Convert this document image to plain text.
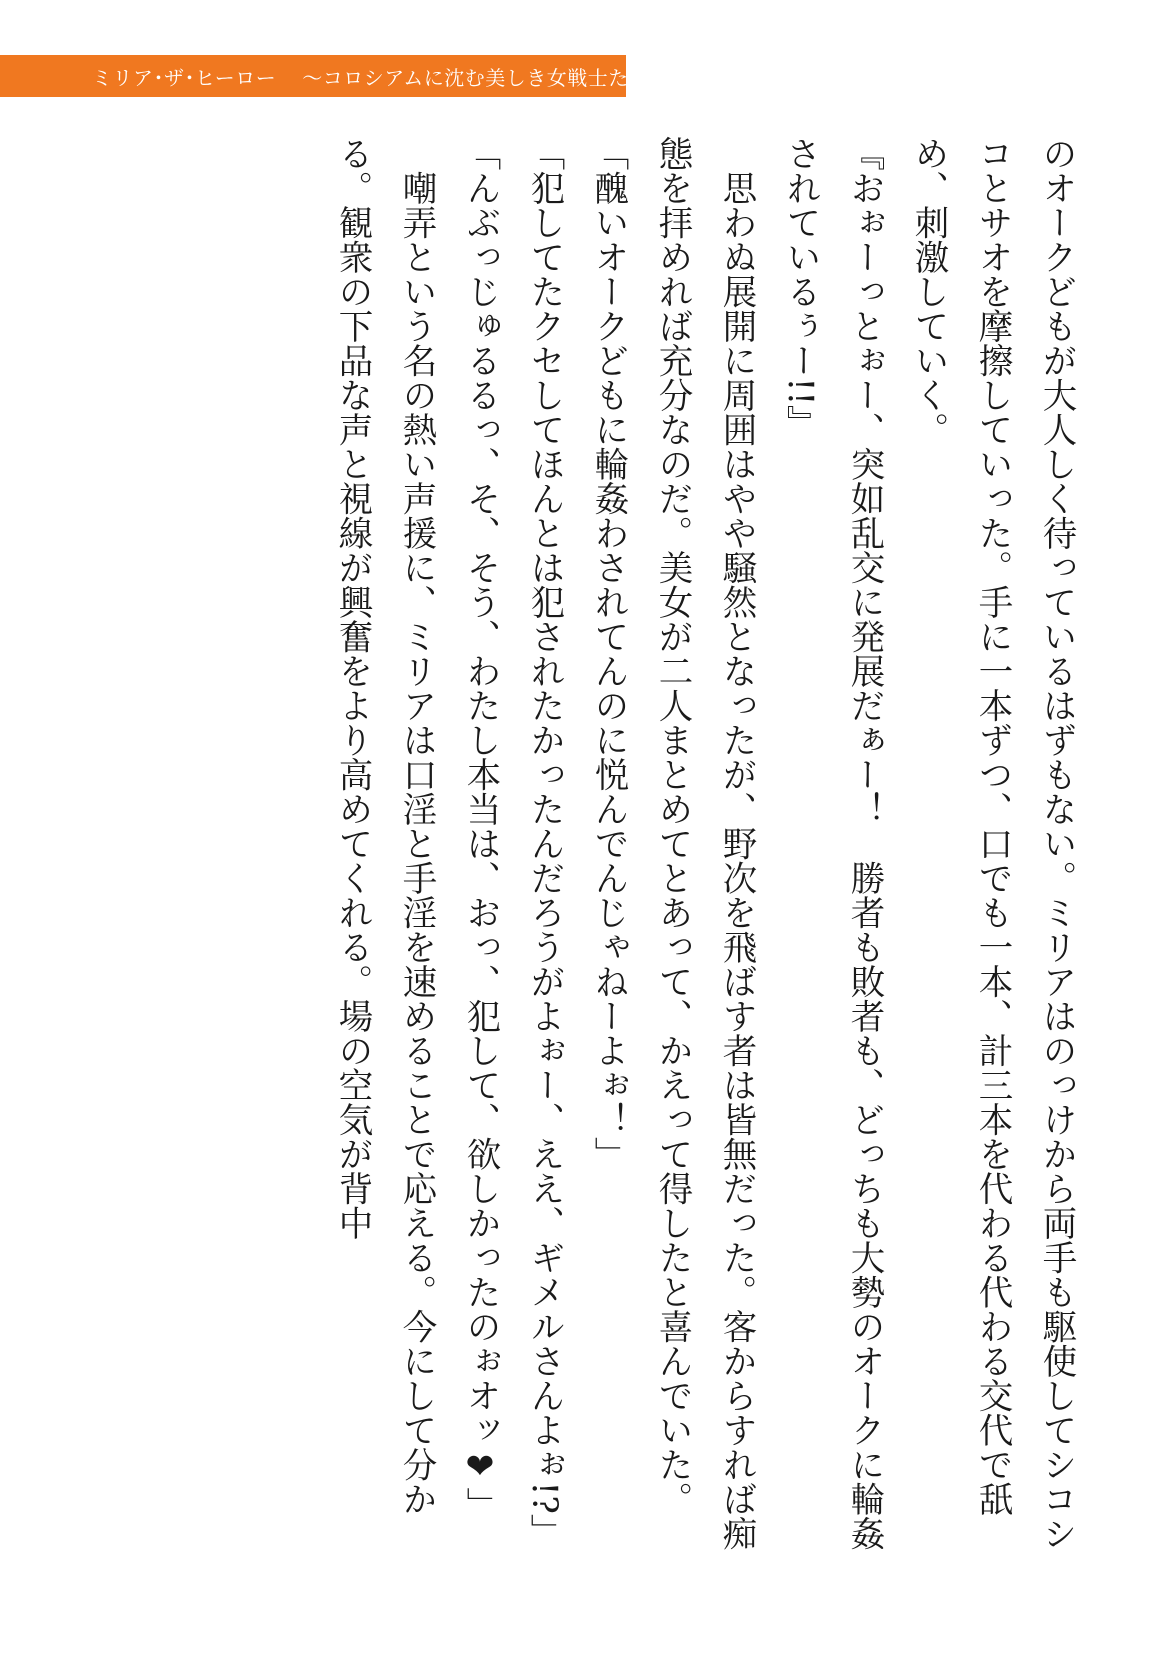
ミリア･ザ･ヒーロー 〜コロシアムに沈む美しき女戦士たち〜

のオークどもが大人しく待っているはずもない。ミリアはのっけから両手も駆使してシコシコとサオを摩擦していった。手に一本ずつ、口でも一本、計三本を代わる代わる交代で舐め、刺激していく。

『おぉーっとぉー、突如乱交に発展だぁー！　勝者も敗者も、どっちも大勢のオークに輪姦されているぅー!!』

　思わぬ展開に周囲はやや騒然となったが、野次を飛ばす者は皆無だった。客からすれば痴態を拝めれば充分なのだ。美女が二人まとめてとあって、かえって得したと喜んでいた。

「醜いオークどもに輪姦わされてんのに悦んでんじゃねーよぉ！」

「犯してたクセしてほんとは犯されたかったんだろうがよぉー、ええ、ギメルさんよぉ!?」

「んぶっじゅるるっ、そ、そう、わたし本当は、おっ、犯して、欲しかったのぉオッ❤」

　嘲弄という名の熱い声援に、ミリアは口淫と手淫を速めることで応える。今にして分かる。観衆の下品な声と視線が興奮をより高めてくれる。場の空気が背中
